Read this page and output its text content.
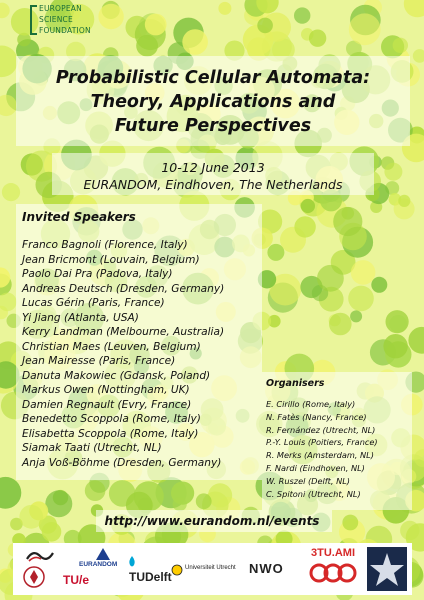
EUROPEAN
SCIENCE
FOUNDATION
Probabilistic Cellular Automata:
Theory, Applications and
Future Perspectives
10-12 June 2013
EURANDOM, Eindhoven, The Netherlands
Invited Speakers
Franco Bagnoli (Florence, Italy)
Jean Bricmont (Louvain, Belgium)
Paolo Dai Pra (Padova, Italy)
Andreas Deutsch (Dresden, Germany)
Lucas Gérin (Paris, France)
Yi Jiang (Atlanta, USA)
Kerry Landman (Melbourne, Australia)
Christian Maes (Leuven, Belgium)
Jean Mairesse (Paris, France)
Danuta Makowiec (Gdansk, Poland)
Markus Owen (Nottingham, UK)
Damien Regnault (Evry, France)
Benedetto Scoppola (Rome, Italy)
Elisabetta Scoppola (Rome, Italy)
Siamak Taati (Utrecht, NL)
Anja Voß-Böhme (Dresden, Germany)
Organisers
E. Cirillo (Rome, Italy)
N. Fatès (Nancy, France)
R. Fernández (Utrecht, NL)
P.-Y. Louis (Poitiers, France)
R. Merks (Amsterdam, NL)
F. Nardi (Eindhoven, NL)
W. Ruszel (Delft, NL)
C. Spitoni (Utrecht, NL)
http://www.eurandom.nl/events
EURANDOM
TU/e	TUDelft
Universiteit Utrecht NWO
3TU.AMI
